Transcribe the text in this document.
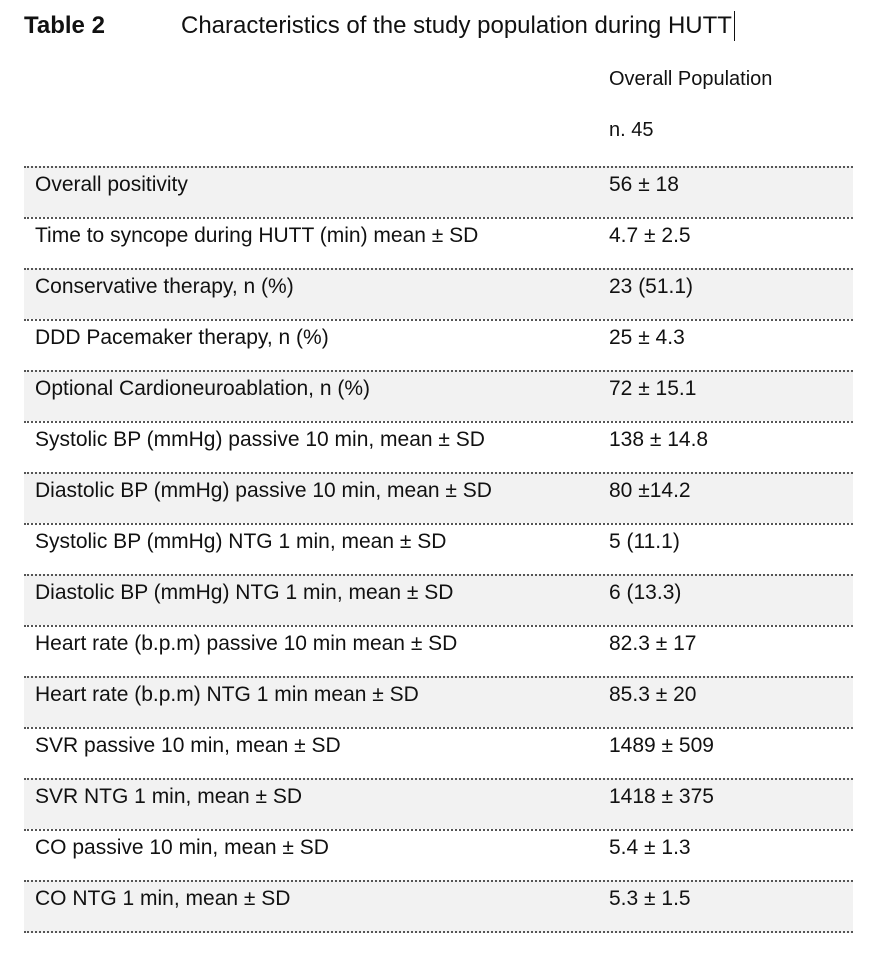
Table 2	Characteristics of the study population during HUTT
Overall Population
n. 45
Overall positivity	56 ± 18
Time to syncope during HUTT (min) mean ± SD	4.7 ± 2.5
Conservative therapy, n (%)	23 (51.1)
DDD Pacemaker therapy, n (%)	25 ± 4.3
Optional Cardioneuroablation, n (%)	72 ± 15.1
Systolic BP (mmHg) passive 10 min, mean ± SD	138 ± 14.8
Diastolic BP (mmHg) passive 10 min, mean ± SD	80 ±14.2
Systolic BP (mmHg) NTG 1 min, mean ± SD	5 (11.1)
Diastolic BP (mmHg) NTG 1 min, mean ± SD	6 (13.3)
Heart rate (b.p.m) passive 10 min mean ± SD	82.3 ± 17
Heart rate (b.p.m) NTG 1 min mean ± SD	85.3 ± 20
SVR passive 10 min, mean ± SD	1489 ± 509
SVR NTG 1 min, mean ± SD	1418 ± 375
CO passive 10 min, mean ± SD	5.4 ± 1.3
CO NTG 1 min, mean ± SD	5.3 ± 1.5
